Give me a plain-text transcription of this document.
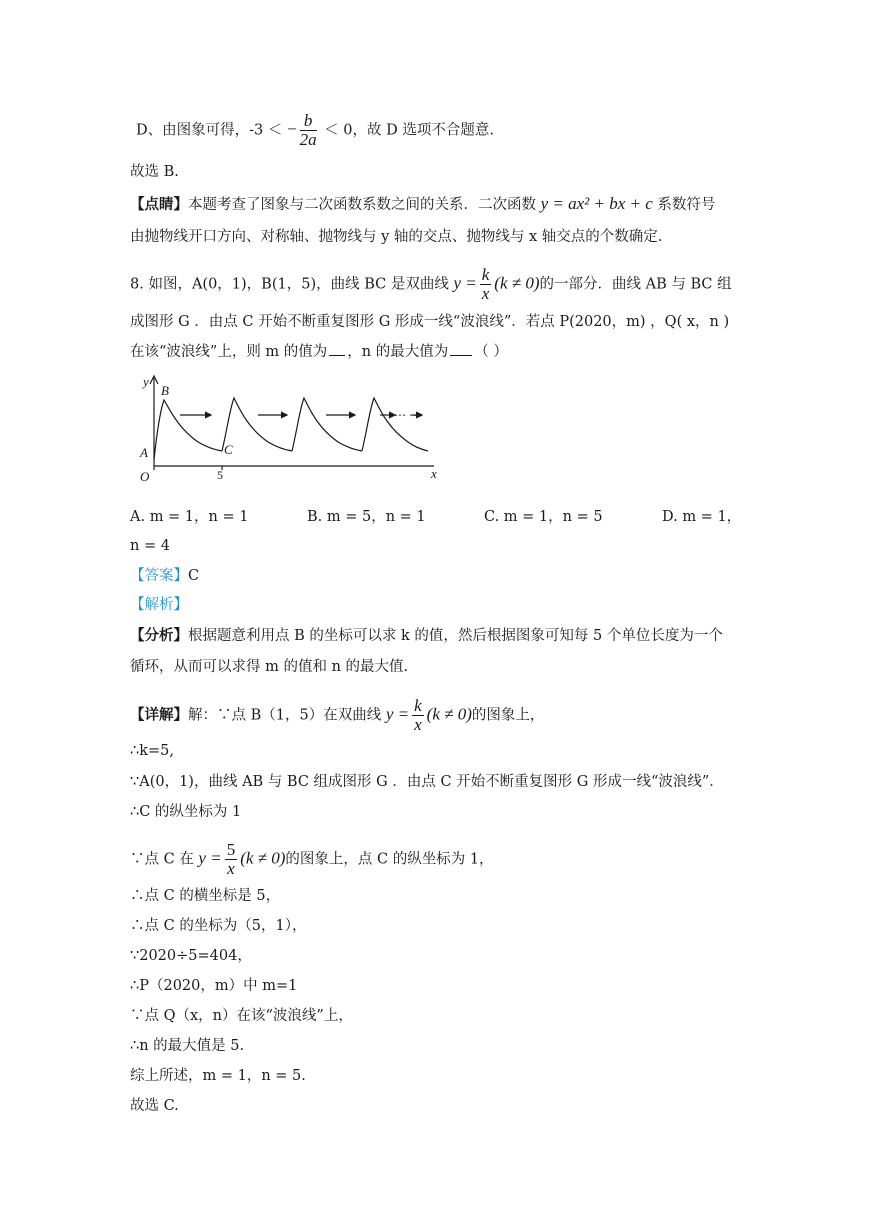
D、由图象可得，-3 ＜ − $\frac{b}{2a} < 0$，故 D 选项不合题意.
故选 B.
【点睛】本题考查了图象与二次函数系数之间的关系．二次函数 y = ax² + bx + c 系数符号
由抛物线开口方向、对称轴、抛物线与 y 轴的交点、抛物线与 x 轴交点的个数确定.
8. 如图，A(0，1)，B(1，5)，曲线 BC 是双曲线 $y = \frac{k}{x} (k \ne 0)$的一部分．曲线 AB 与 BC 组
成图形 G ．由点 C 开始不断重复图形 G 形成一线“波浪线”．若点 P(2020，m) ，Q( x，n )
在该“波浪线”上，则 m 的值为 ，n 的最大值为 （ ）
y
x
O
A
B
C
5
⋯ ⋯
A. m = 1，n = 1	B. m = 5，n = 1	C. m = 1，n = 5	D. m = 1，
n = 4
【答案】C
【解析】
【分析】根据题意利用点 B 的坐标可以求 k 的值，然后根据图象可知每 5 个单位长度为一个
循环，从而可以求得 m 的值和 n 的最大值.
【详解】解：∵点 B（1，5）在双曲线 $y = \frac{k}{x} (k \ne 0)$的图象上，
∴k=5,
∵A(0，1)，曲线 AB 与 BC 组成图形 G ．由点 C 开始不断重复图形 G 形成一线“波浪线”．
∴C 的纵坐标为 1
∵点 C 在 $y = \frac{5}{x} (k \ne 0)$的图象上，点 C 的纵坐标为 1，
∴点 C 的横坐标是 5，
∴点 C 的坐标为（5，1），
∵2020÷5=404，
∴P（2020，m）中 m=1
∵点 Q（x，n）在该“波浪线”上，
∴n 的最大值是 5.
综上所述，m = 1，n = 5.
故选 C.
